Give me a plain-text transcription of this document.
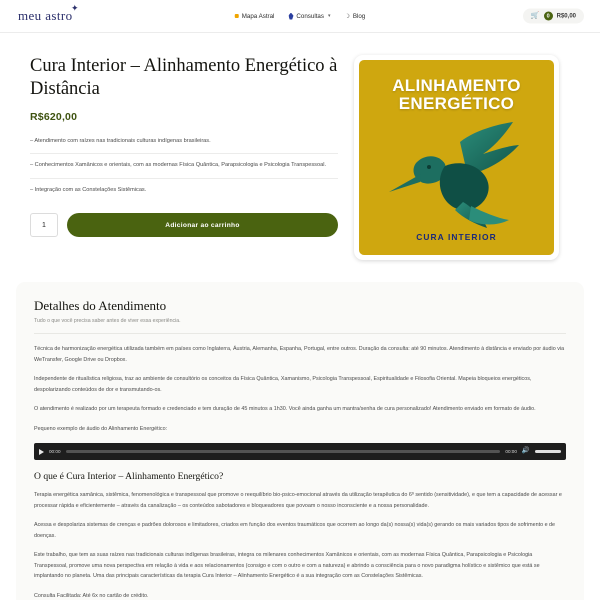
meu astro
✦
Mapa Astral	Consultas ▾ ☽ Blog	🛒	0	R$0,00
Cura Interior – Alinhamento Energético à Distância
R$620,00
– Atendimento com raízes nas tradicionais culturas indígenas brasileiras.
– Conhecimentos Xamânicos e orientais, com as modernas Física Quântica, Parapsicologia e Psicologia Transpessoal.
– Integração com as Constelações Sistêmicas.
1
Adicionar ao carrinho
ALINHAMENTO ENERGÉTICO
CURA INTERIOR
Detalhes do Atendimento
Tudo o que você precisa saber antes de viver essa experiência.
Técnica de harmonização energética utilizada também em países como Inglaterra, Áustria, Alemanha, Espanha, Portugal, entre outros. Duração da consulta: até 90 minutos. Atendimento à distância e enviado por áudio via WeTransfer, Google Drive ou Dropbox.
Independente de ritualística religiosa, traz ao ambiente de consultório os conceitos da Física Quântica, Xamanismo, Psicologia Transpessoal, Espiritualidade e Filosofia Oriental. Mapeia bloqueios energéticos, despolarizando conteúdos de dor e transmutando-os.
O atendimento é realizado por um terapeuta formado e credenciado e tem duração de 45 minutos a 1h30. Você ainda ganha um mantra/senha de cura personalizado! Atendimento enviado em formato de áudio.
Pequeno exemplo de áudio do Alinhamento Energético:
00:00	00:00 🔊
O que é Cura Interior – Alinhamento Energético?
Terapia energética xamânica, sistêmica, fenomenológica e transpessoal que promove o reequilíbrio bio-psico-emocional através da utilização terapêutica do 6º sentido (sensitividade), e que tem a capacidade de acessar e processar rápida e eficientemente – através da canalização – os conteúdos sabotadores e bloqueadores que povoam o nosso inconsciente e a nossa personalidade.
Acessa e despolariza sistemas de crenças e padrões dolorosos e limitadores, criados em função dos eventos traumáticos que ocorrem ao longo da(s) nossa(s) vida(s) gerando os mais variados tipos de sofrimento e de doenças.
Este trabalho, que tem as suas raízes nas tradicionais culturas indígenas brasileiras, integra os milenares conhecimentos Xamânicos e orientais, com as modernas Física Quântica, Parapsicologia e Psicologia Transpessoal, promove uma nova perspectiva em relação à vida e aos relacionamentos (consigo e com o outro e com a natureza) e abrindo a consciência para o novo paradigma holístico e sistêmico que está se implantando no planeta. Uma das principais características da terapia Cura Interior – Alinhamento Energético é a sua integração com as Constelações Sistêmicas.
Consulta Facilitada: Até 6x no cartão de crédito.
